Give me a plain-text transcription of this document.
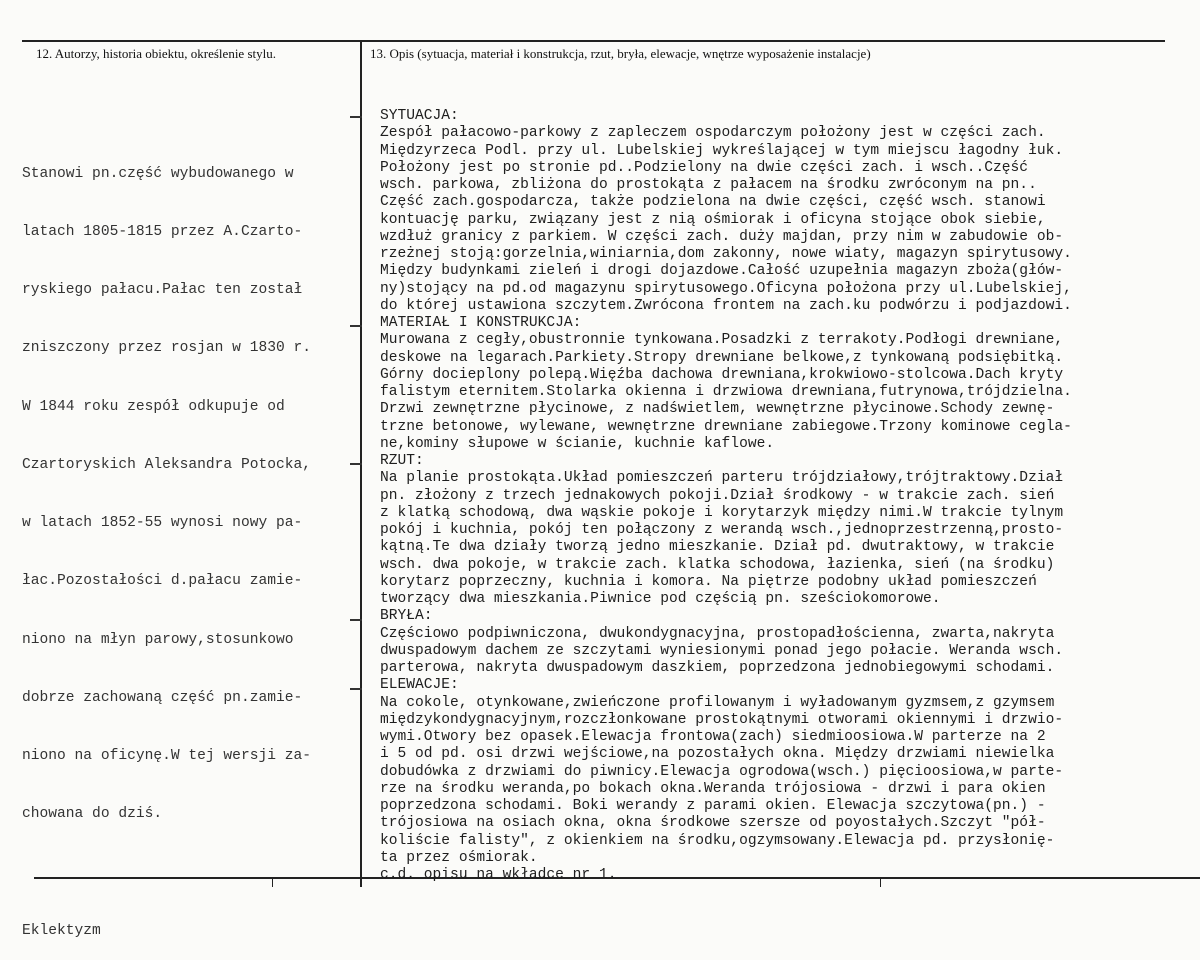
12. Autorzy, historia obiektu, określenie stylu.	13. Opis (sytuacja, materiał i konstrukcja, rzut, bryła, elewacje, wnętrze wyposażenie instalacje)

Stanowi pn.część wybudowanego w

latach 1805-1815 przez A.Czarto-

ryskiego pałacu.Pałac ten został

zniszczony przez rosjan w 1830 r.

W 1844 roku zespół odkupuje od

Czartoryskich Aleksandra Potocka,

w latach 1852-55 wynosi nowy pa-

łac.Pozostałości d.pałacu zamie-

niono na młyn parowy,stosunkowo

dobrze zachowaną część pn.zamie-

niono na oficynę.W tej wersji za-

chowana do dziś.

Eklektyzm

SYTUACJA:
Zespół pałacowo-parkowy z zapleczem ospodarczym położony jest w części zach.
Międzyrzeca Podl. przy ul. Lubelskiej wykreślającej w tym miejscu łagodny łuk.
Położony jest po stronie pd..Podzielony na dwie części zach. i wsch..Część
wsch. parkowa, zbliżona do prostokąta z pałacem na środku zwróconym na pn..
Część zach.gospodarcza, także podzielona na dwie części, część wsch. stanowi
kontuację parku, związany jest z nią ośmiorak i oficyna stojące obok siebie,
wzdłuż granicy z parkiem. W części zach. duży majdan, przy nim w zabudowie ob-
rzeżnej stoją:gorzelnia,winiarnia,dom zakonny, nowe wiaty, magazyn spirytusowy.
Między budynkami zieleń i drogi dojazdowe.Całość uzupełnia magazyn zboża(głów-
ny)stojący na pd.od magazynu spirytusowego.Oficyna położona przy ul.Lubelskiej,
do której ustawiona szczytem.Zwrócona frontem na zach.ku podwórzu i podjazdowi.
MATERIAŁ I KONSTRUKCJA:
Murowana z cegły,obustronnie tynkowana.Posadzki z terrakoty.Podłogi drewniane,
deskowe na legarach.Parkiety.Stropy drewniane belkowe,z tynkowaną podsiębitką.
Górny docieplony polepą.Więźba dachowa drewniana,krokwiowo-stolcowa.Dach kryty
falistym eternitem.Stolarka okienna i drzwiowa drewniana,futrynowa,trójdzielna.
Drzwi zewnętrzne płycinowe, z nadświetlem, wewnętrzne płycinowe.Schody zewnę-
trzne betonowe, wylewane, wewnętrzne drewniane zabiegowe.Trzony kominowe cegla-
ne,kominy słupowe w ścianie, kuchnie kaflowe.
RZUT:
Na planie prostokąta.Układ pomieszczeń parteru trójdziałowy,trójtraktowy.Dział
pn. złożony z trzech jednakowych pokoji.Dział środkowy - w trakcie zach. sień
z klatką schodową, dwa wąskie pokoje i korytarzyk między nimi.W trakcie tylnym
pokój i kuchnia, pokój ten połączony z werandą wsch.,jednoprzestrzenną,prosto-
kątną.Te dwa działy tworzą jedno mieszkanie. Dział pd. dwutraktowy, w trakcie
wsch. dwa pokoje, w trakcie zach. klatka schodowa, łazienka, sień (na środku)
korytarz poprzeczny, kuchnia i komora. Na piętrze podobny układ pomieszczeń
tworzący dwa mieszkania.Piwnice pod częścią pn. sześciokomorowe.
BRYŁA:
Częściowo podpiwniczona, dwukondygnacyjna, prostopadłościenna, zwarta,nakryta
dwuspadowym dachem ze szczytami wyniesionymi ponad jego połacie. Weranda wsch.
parterowa, nakryta dwuspadowym daszkiem, poprzedzona jednobiegowymi schodami.
ELEWACJE:
Na cokole, otynkowane,zwieńczone profilowanym i wyładowanym gyzmsem,z gzymsem
międzykondygnacyjnym,rozczłonkowane prostokątnymi otworami okiennymi i drzwio-
wymi.Otwory bez opasek.Elewacja frontowa(zach) siedmioosiowa.W parterze na 2
i 5 od pd. osi drzwi wejściowe,na pozostałych okna. Między drzwiami niewielka
dobudówka z drzwiami do piwnicy.Elewacja ogrodowa(wsch.) pięcioosiowa,w parte-
rze na środku weranda,po bokach okna.Weranda trójosiowa - drzwi i para okien
poprzedzona schodami. Boki werandy z parami okien. Elewacja szczytowa(pn.) -
trójosiowa na osiach okna, okna środkowe szersze od poyostałych.Szczyt "pół-
koliście falisty", z okienkiem na środku,ogzymsowany.Elewacja pd. przysłonię-
ta przez ośmiorak.
c.d. opisu na wkładce nr 1.
